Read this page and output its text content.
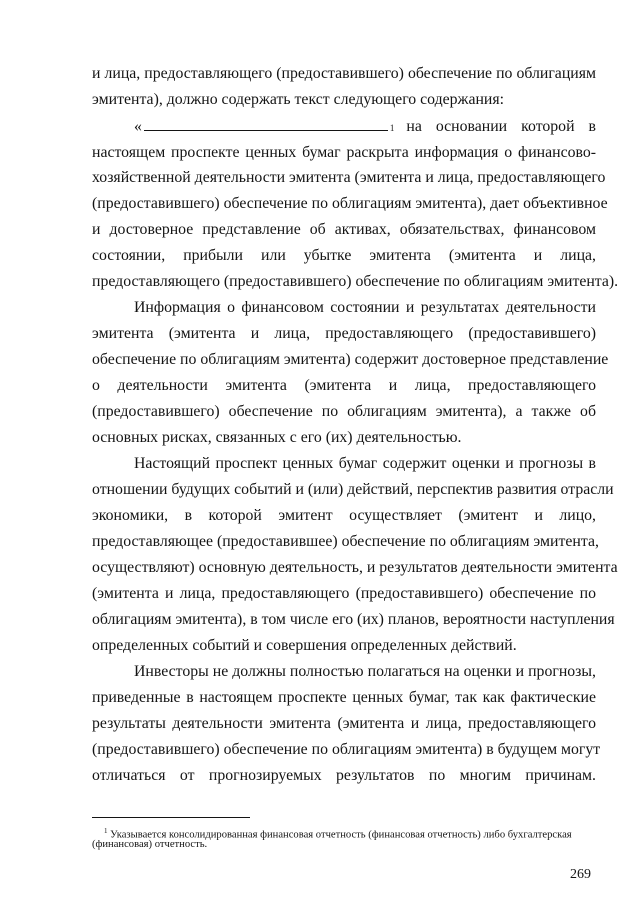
и лица, предоставляющего (предоставившего) обеспечение по облигациям
эмитента), должно содержать текст следующего содержания:
«	$_1$ на основании которой в
настоящем проспекте ценных бумаг раскрыта информация о финансово-
хозяйственной деятельности эмитента (эмитента и лица, предоставляющего
(предоставившего) обеспечение по облигациям эмитента), дает объективное
и достоверное представление об активах, обязательствах, финансовом
состоянии, прибыли или убытке эмитента (эмитента и лица,
предоставляющего (предоставившего) обеспечение по облигациям эмитента).
Информация о финансовом состоянии и результатах деятельности
эмитента (эмитента и лица, предоставляющего (предоставившего)
обеспечение по облигациям эмитента) содержит достоверное представление
о деятельности эмитента (эмитента и лица, предоставляющего
(предоставившего) обеспечение по облигациям эмитента), а также об
основных рисках, связанных с его (их) деятельностью.
Настоящий проспект ценных бумаг содержит оценки и прогнозы в
отношении будущих событий и (или) действий, перспектив развития отрасли
экономики, в которой эмитент осуществляет (эмитент и лицо,
предоставляющее (предоставившее) обеспечение по облигациям эмитента,
осуществляют) основную деятельность, и результатов деятельности эмитента
(эмитента и лица, предоставляющего (предоставившего) обеспечение по
облигациям эмитента), в том числе его (их) планов, вероятности наступления
определенных событий и совершения определенных действий.
Инвесторы не должны полностью полагаться на оценки и прогнозы,
приведенные в настоящем проспекте ценных бумаг, так как фактические
результаты деятельности эмитента (эмитента и лица, предоставляющего
(предоставившего) обеспечение по облигациям эмитента) в будущем могут
отличаться от прогнозируемых результатов по многим причинам.
$^1$ Указывается консолидированная финансовая отчетность (финансовая отчетность) либо бухгалтерская
(финансовая) отчетность.
269
